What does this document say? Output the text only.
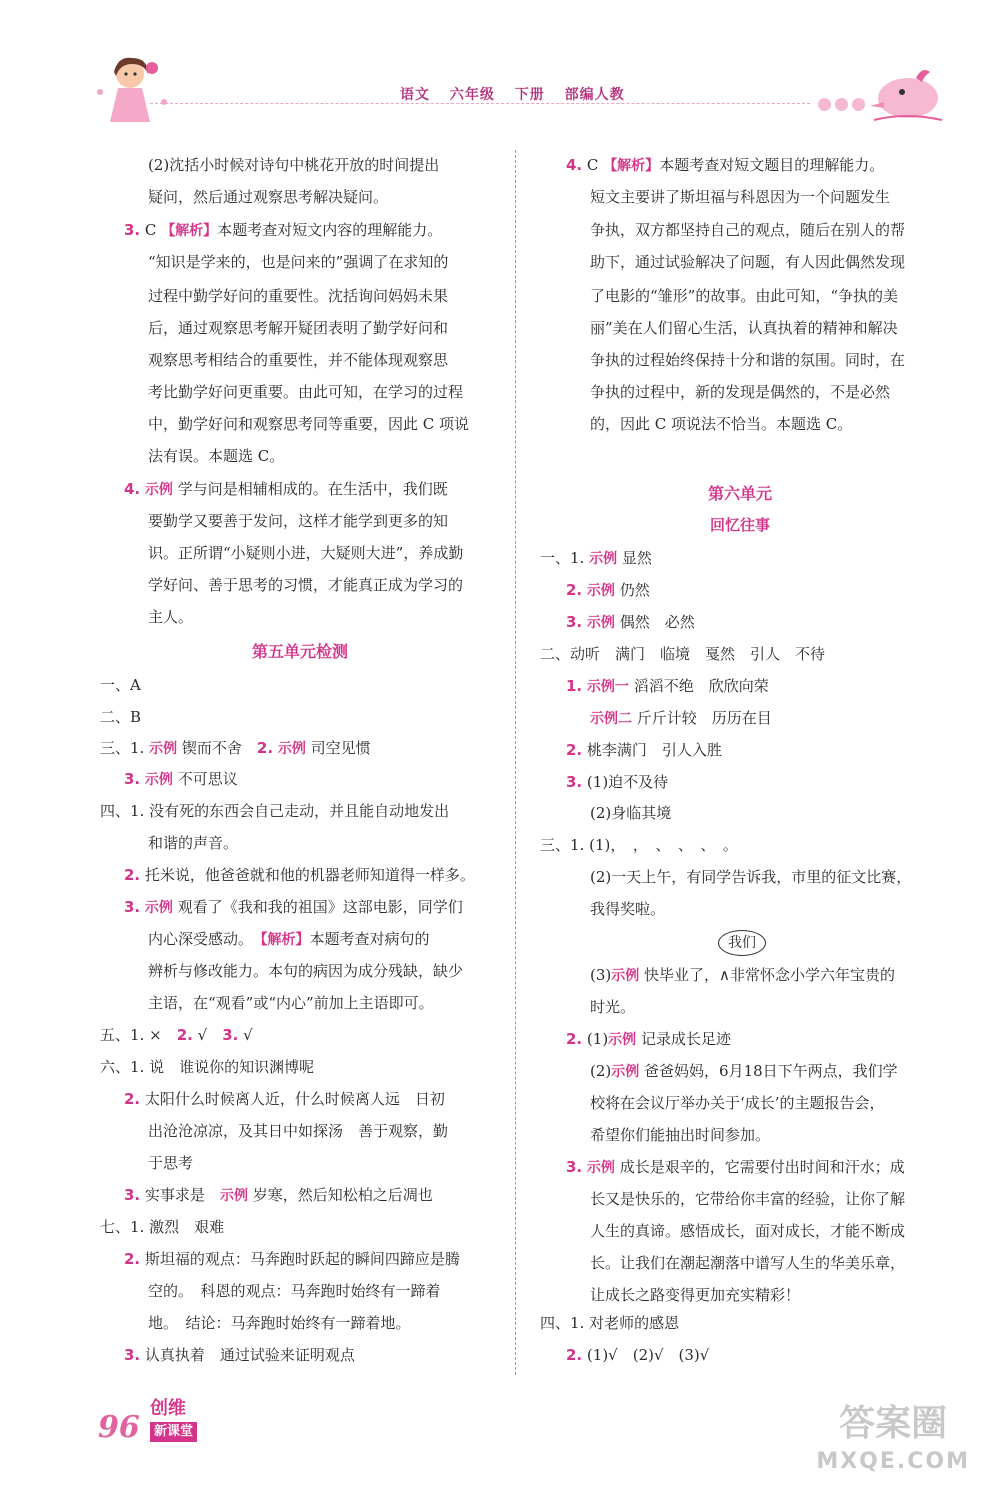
语文 六年级 下册 部编人教
(2)沈括小时候对诗句中桃花开放的时间提出
疑问，然后通过观察思考解决疑问。
3. C 【解析】本题考查对短文内容的理解能力。
“知识是学来的，也是问来的”强调了在求知的
过程中勤学好问的重要性。沈括询问妈妈未果
后，通过观察思考解开疑团表明了勤学好问和
观察思考相结合的重要性，并不能体现观察思
考比勤学好问更重要。由此可知，在学习的过程
中，勤学好问和观察思考同等重要，因此 C 项说
法有误。本题选 C。
4. 示例 学与问是相辅相成的。在生活中，我们既
要勤学又要善于发问，这样才能学到更多的知
识。正所谓“小疑则小进，大疑则大进”，养成勤
学好问、善于思考的习惯，才能真正成为学习的
主人。
第五单元检测
一、A
二、B
三、1. 示例 锲而不舍　 2. 示例 司空见惯
3. 示例 不可思议
四、1. 没有死的东西会自己走动，并且能自动地发出
和谐的声音。
2. 托米说，他爸爸就和他的机器老师知道得一样多。
3. 示例 观看了《我和我的祖国》这部电影，同学们
内心深受感动。　 【解析】本题考查对病句的
辨析与修改能力。本句的病因为成分残缺，缺少
主语，在“观看”或“内心”前加上主语即可。
五、1. ×　 2. √　 3. √
六、1. 说　谁说你的知识渊博呢
2. 太阳什么时候离人近，什么时候离人远　日初
出沧沧凉凉，及其日中如探汤　善于观察，勤
于思考
3. 实事求是　 示例 岁寒，然后知松柏之后凋也
七、1. 激烈　艰难
2. 斯坦福的观点：马奔跑时跃起的瞬间四蹄应是腾
空的。　科恩的观点：马奔跑时始终有一蹄着
地。　结论：马奔跑时始终有一蹄着地。
3. 认真执着　通过试验来证明观点
4. C 【解析】本题考查对短文题目的理解能力。
短文主要讲了斯坦福与科恩因为一个问题发生
争执，双方都坚持自己的观点，随后在别人的帮
助下，通过试验解决了问题，有人因此偶然发现
了电影的“雏形”的故事。由此可知，“争执的美
丽”美在人们留心生活，认真执着的精神和解决
争执的过程始终保持十分和谐的氛围。同时，在
争执的过程中，新的发现是偶然的，不是必然
的，因此 C 项说法不恰当。本题选 C。
第六单元
回忆往事
一、1. 示例 显然
2. 示例 仍然
3. 示例 偶然　必然
二、动听　满门　临境　戛然　引人　不待
1. 示例一 滔滔不绝　欣欣向荣
示例二 斤斤计较　历历在目
2. 桃李满门　引人入胜
3. (1)迫不及待
(2)身临其境
三、1. (1)，　，　、　、　、　。
(2)一天上午，有同学告诉我，市里的征文比赛，
我得奖啦。
我们
(3)示例 快毕业了，∧非常怀念小学六年宝贵的
时光。
2. (1)示例 记录成长足迹
(2)示例 爸爸妈妈，6月18日下午两点，我们学
校将在会议厅举办关于‘成长’的主题报告会，
希望你们能抽出时间参加。
3. 示例 成长是艰辛的，它需要付出时间和汗水；成
长又是快乐的，它带给你丰富的经验，让你了解
人生的真谛。感悟成长，面对成长，才能不断成
长。让我们在潮起潮落中谱写人生的华美乐章，
让成长之路变得更加充实精彩！
四、1. 对老师的感恩
2. (1)√　(2)√　(3)√
96
创维
新课堂	答案圈
MXQE.COM
